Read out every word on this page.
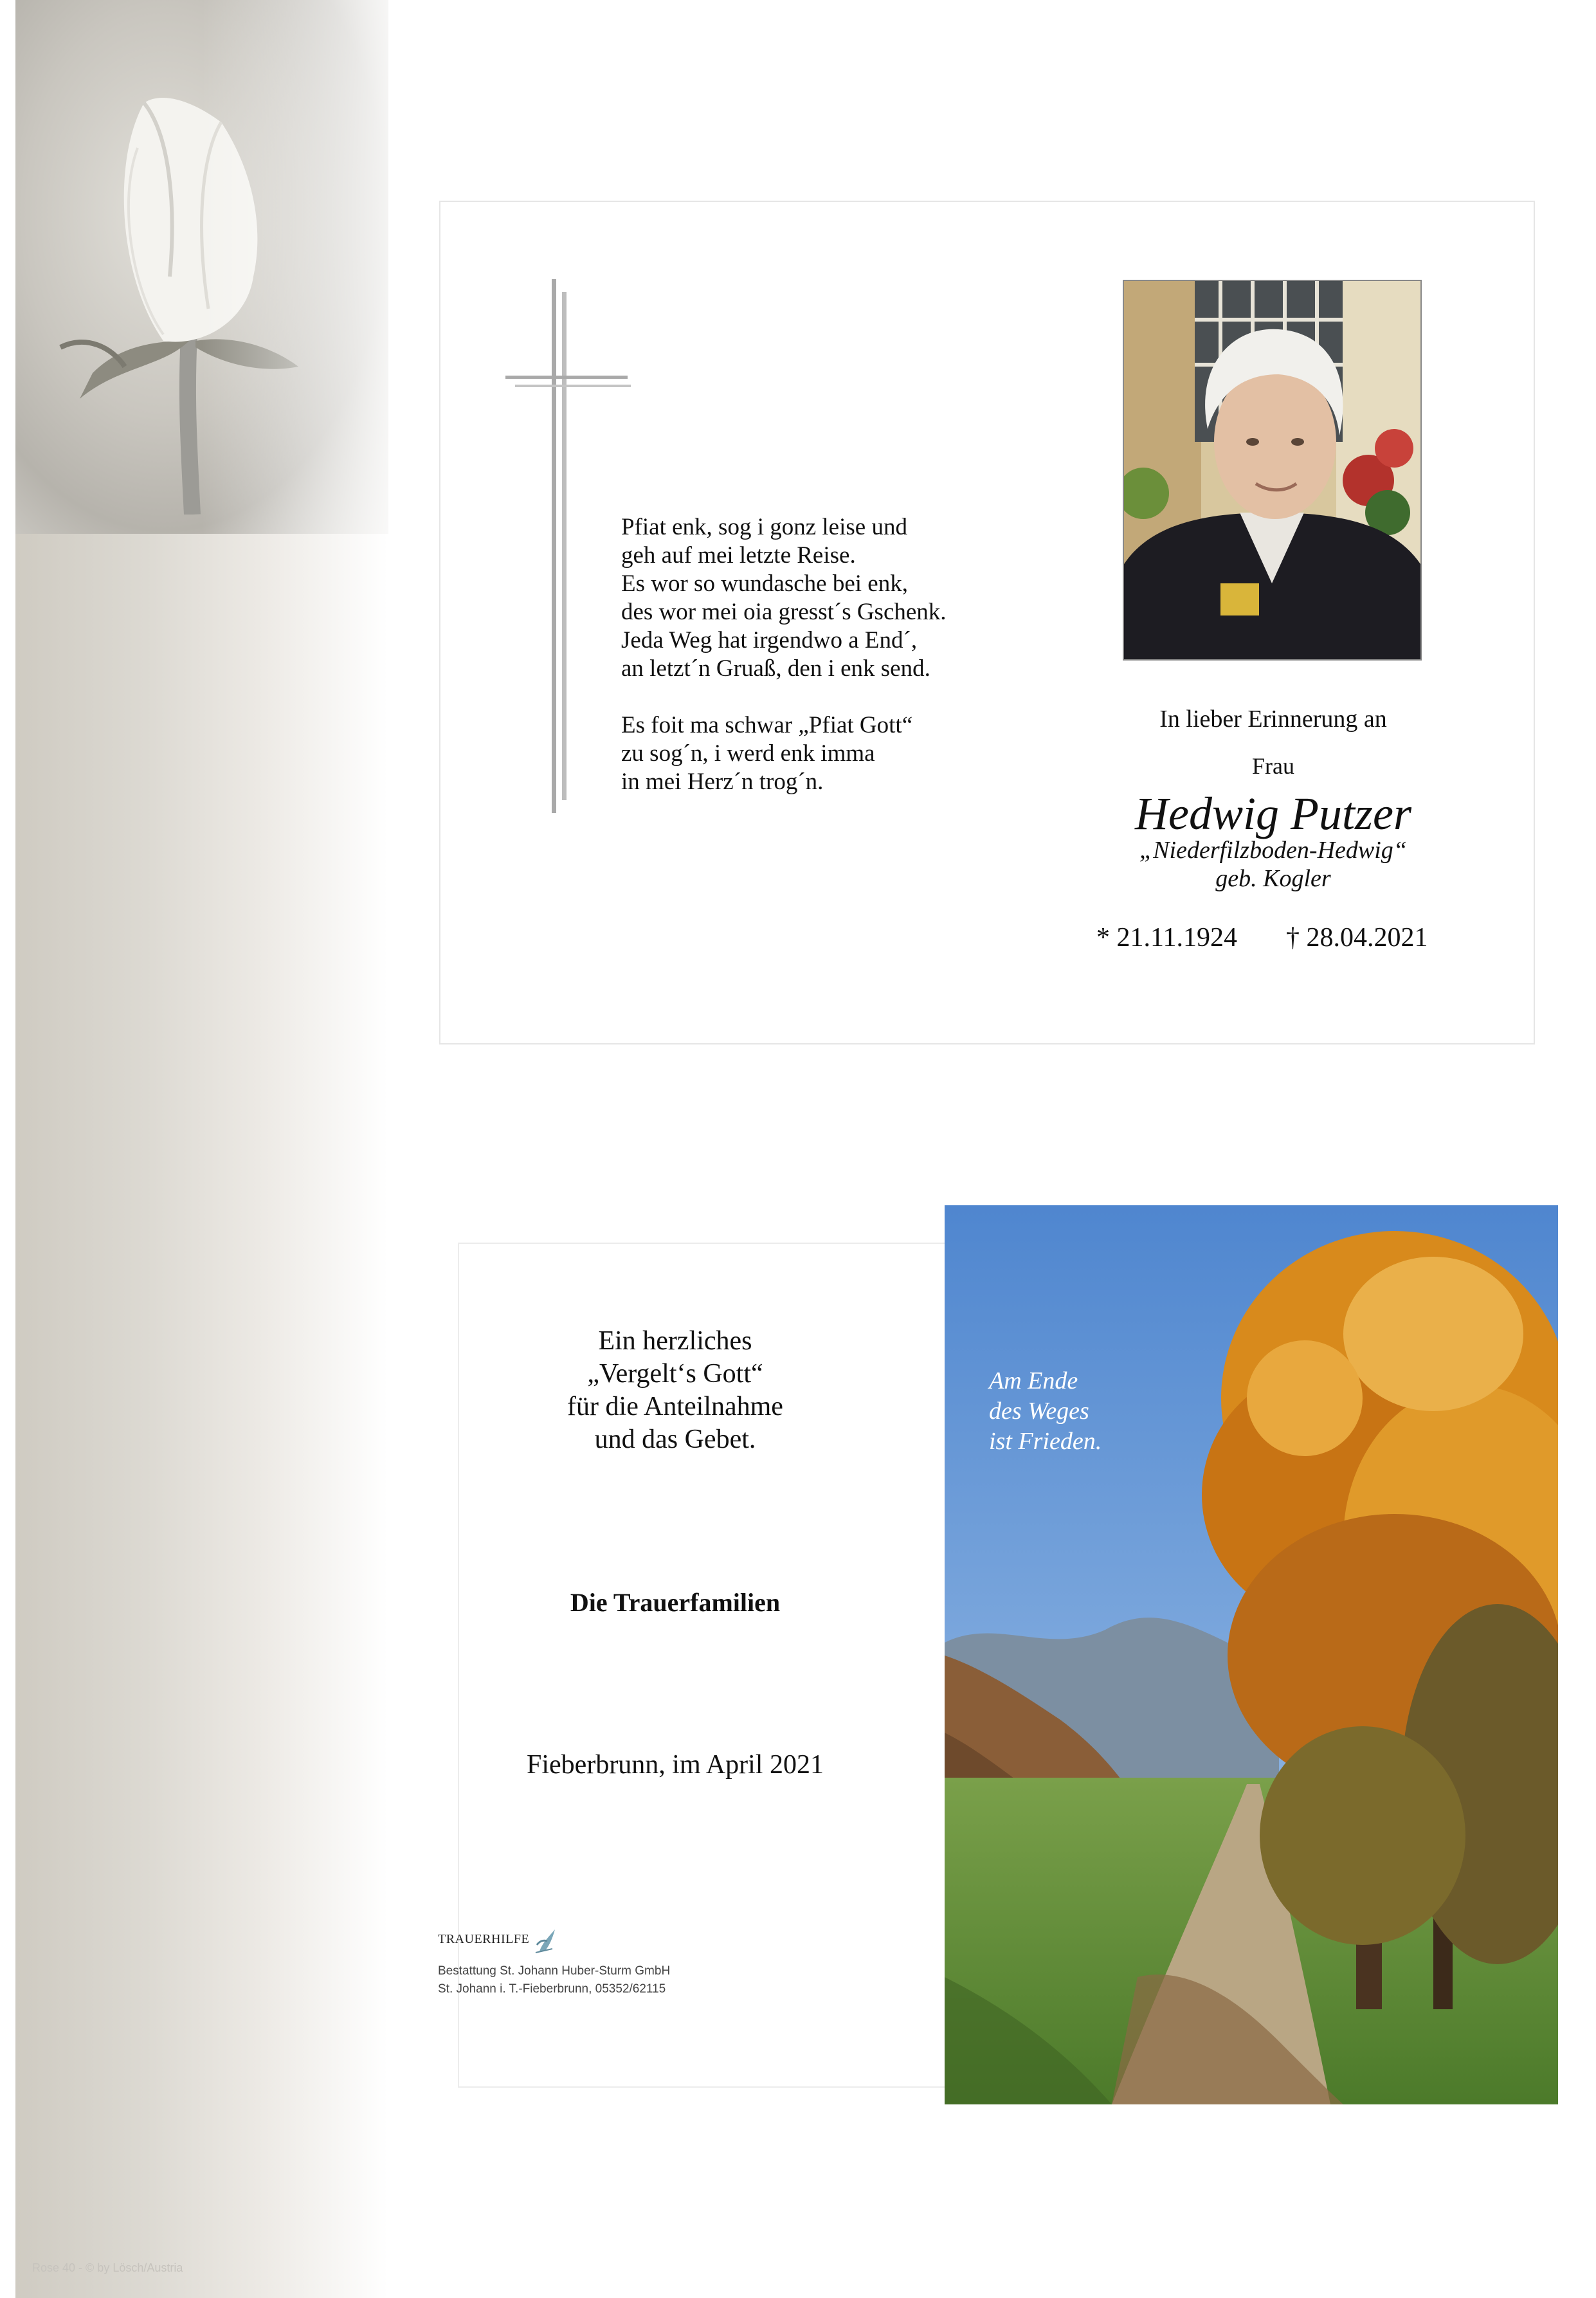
Rose 40 - © by Lösch/Austria

Pfiat enk, sog i gonz leise und

geh auf mei letzte Reise.

Es wor so wundasche bei enk,

des wor mei oia gresst´s Gschenk.

Jeda Weg hat irgendwo a End´,

an letzt´n Gruaß, den i enk send.

Es foit ma schwar „Pfiat Gott“

zu sog´n, i werd enk imma

in mei Herz´n trog´n.

In lieber Erinnerung an
Frau
Hedwig Putzer
„Niederfilzboden-Hedwig“
geb. Kogler
* 21.11.1924 † 28.04.2021

Ein herzliches

„Vergelt‘s Gott“

für die Anteilnahme

und das Gebet.

Die Trauerfamilien
Fieberbrunn, im April 2021
TRAUERHILFE
Bestattung St. Johann Huber-Sturm GmbH
St. Johann i. T.-Fieberbrunn, 05352/62115

Am Ende

des Weges

ist Frieden.
